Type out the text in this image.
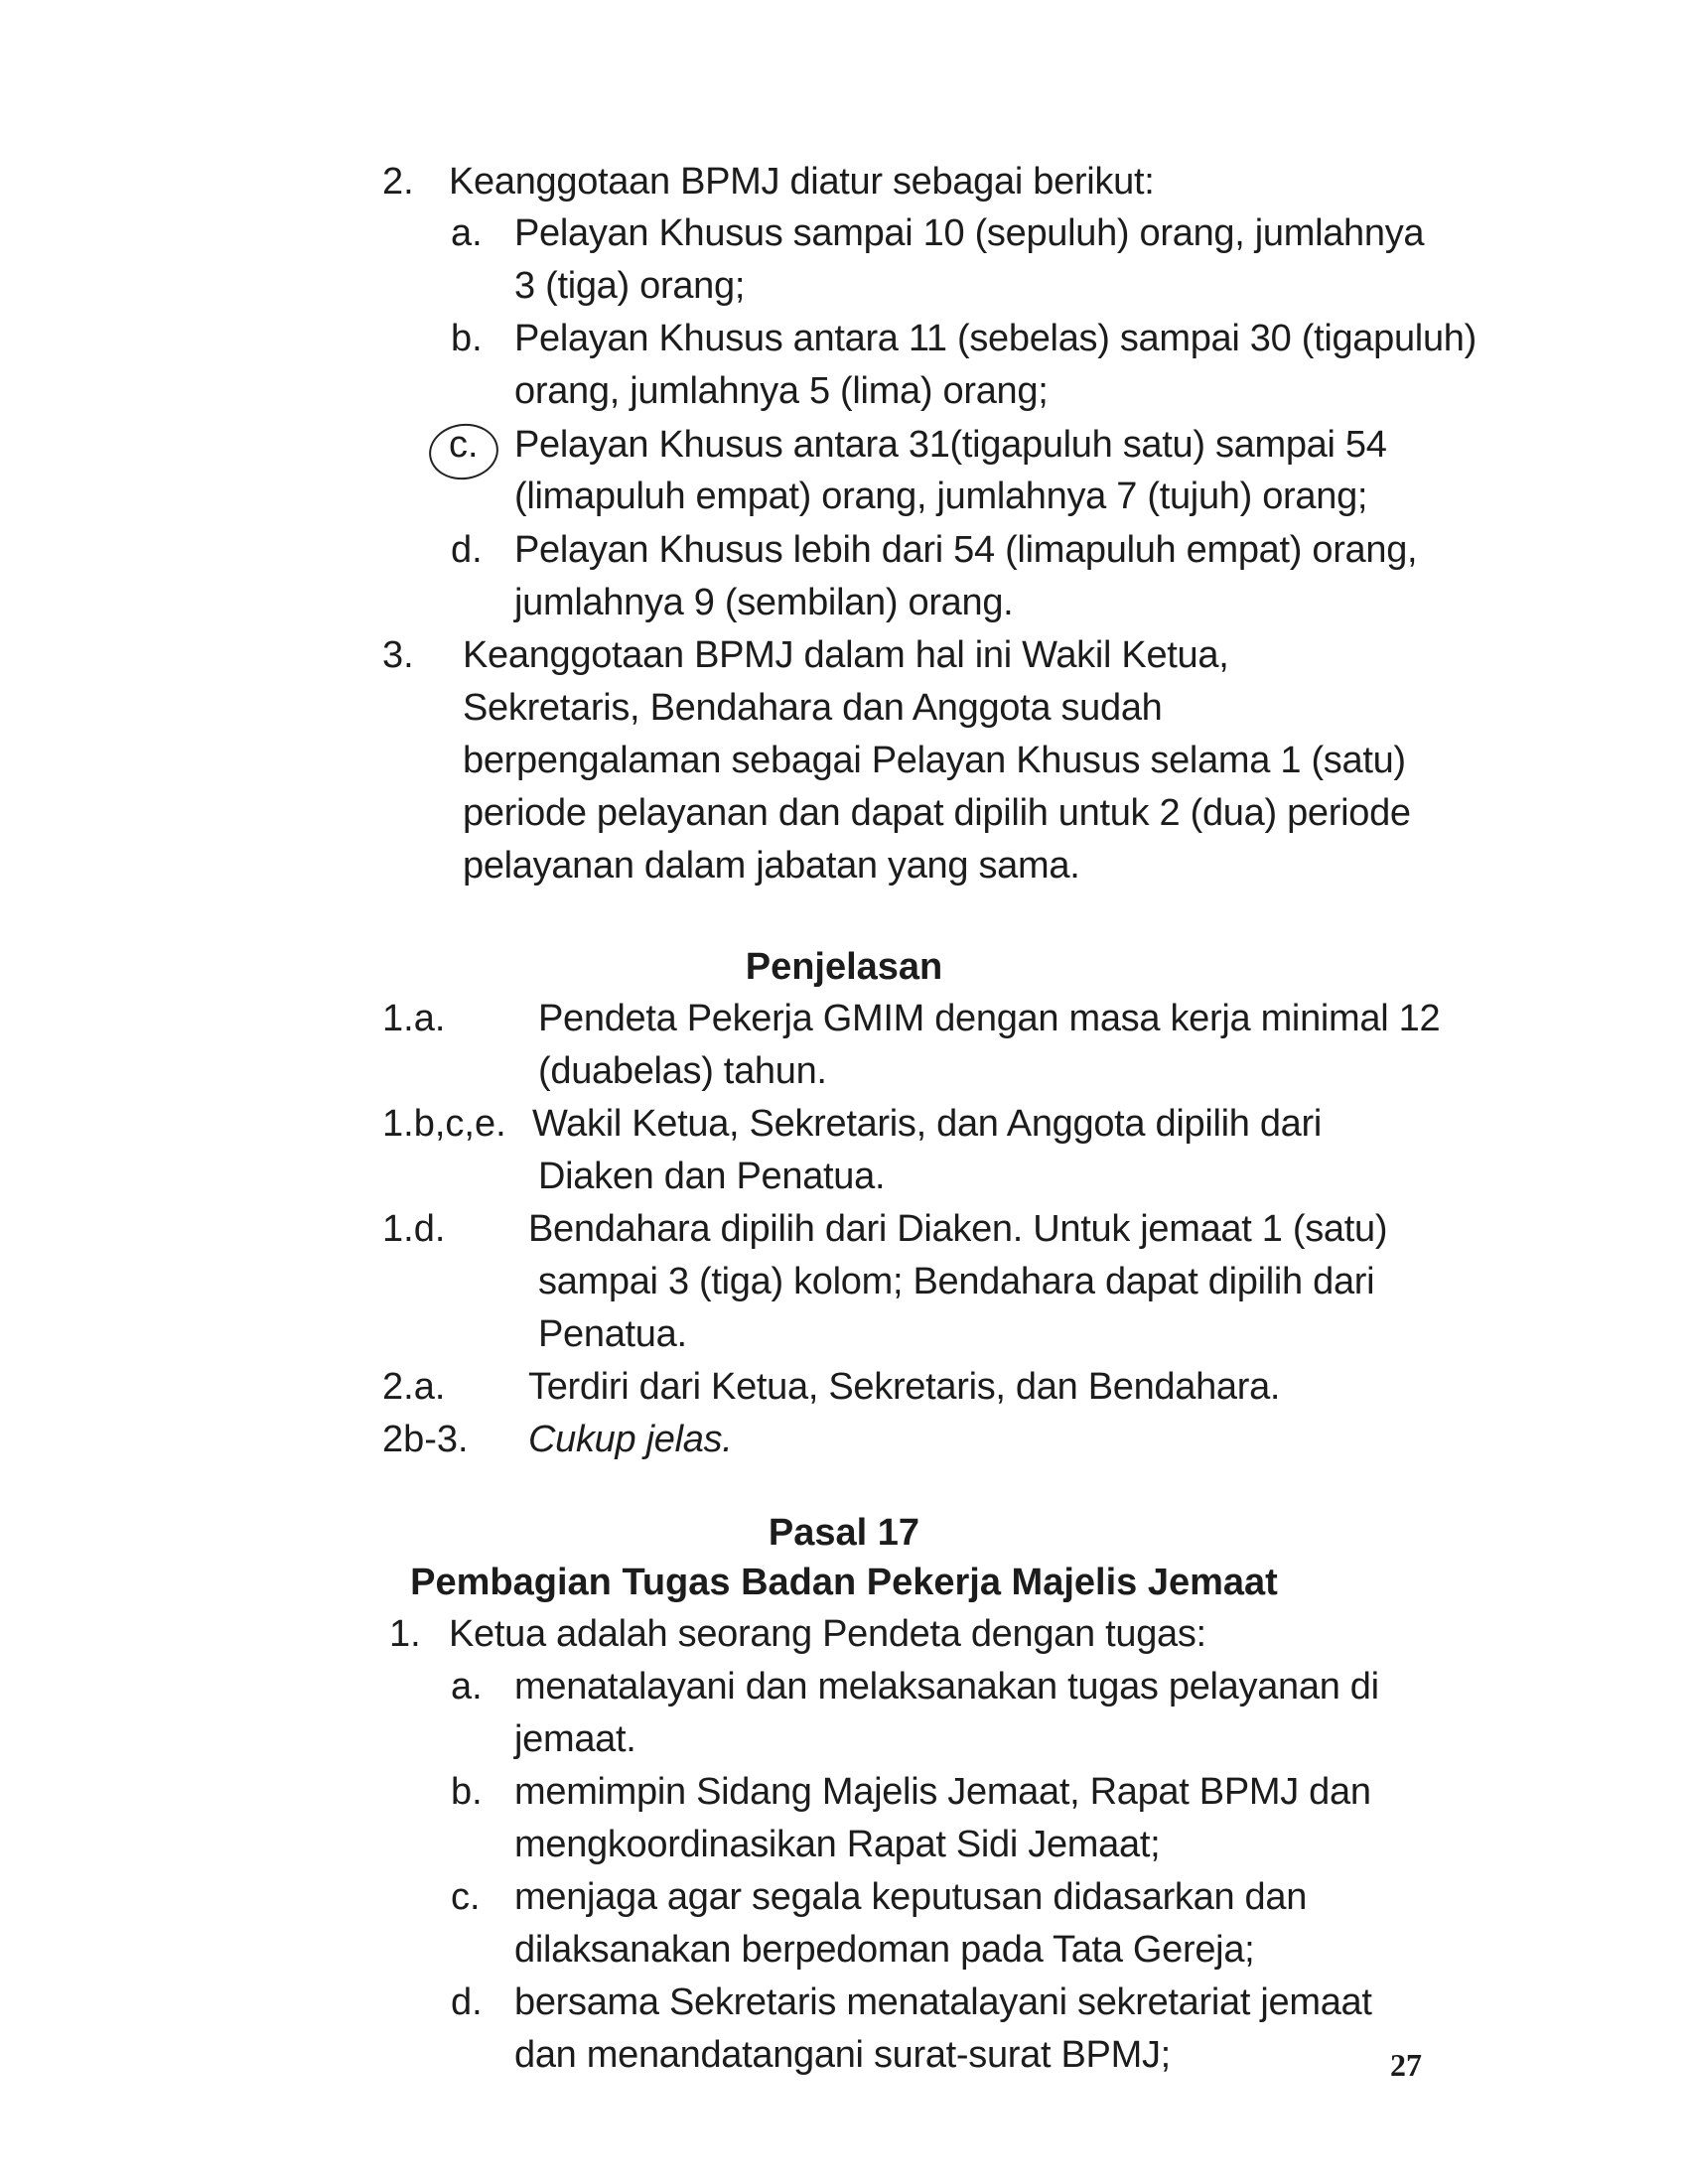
2. Keanggotaan BPMJ diatur sebagai berikut:
a. Pelayan Khusus sampai 10 (sepuluh) orang, jumlahnya
3 (tiga) orang;
b. Pelayan Khusus antara 11 (sebelas) sampai 30 (tigapuluh)
orang, jumlahnya 5 (lima) orang;
c. Pelayan Khusus antara 31(tigapuluh satu) sampai 54
(limapuluh empat) orang, jumlahnya 7 (tujuh) orang;
d. Pelayan Khusus lebih dari 54 (limapuluh empat) orang,
jumlahnya 9 (sembilan) orang.
3. Keanggotaan BPMJ dalam hal ini Wakil Ketua,
Sekretaris, Bendahara dan Anggota sudah
berpengalaman sebagai Pelayan Khusus selama 1 (satu)
periode pelayanan dan dapat dipilih untuk 2 (dua) periode
pelayanan dalam jabatan yang sama.
Penjelasan
1.a. Pendeta Pekerja GMIM dengan masa kerja minimal 12
(duabelas) tahun.
1.b,c,e. Wakil Ketua, Sekretaris, dan Anggota dipilih dari
Diaken dan Penatua.
1.d. Bendahara dipilih dari Diaken. Untuk jemaat 1 (satu)
sampai 3 (tiga) kolom; Bendahara dapat dipilih dari
Penatua.
2.a. Terdiri dari Ketua, Sekretaris, dan Bendahara.
2b-3. Cukup jelas.
Pasal 17
Pembagian Tugas Badan Pekerja Majelis Jemaat
1. Ketua adalah seorang Pendeta dengan tugas:
a. menatalayani dan melaksanakan tugas pelayanan di
jemaat.
b. memimpin Sidang Majelis Jemaat, Rapat BPMJ dan
mengkoordinasikan Rapat Sidi Jemaat;
c. menjaga agar segala keputusan didasarkan dan
dilaksanakan berpedoman pada Tata Gereja;
d. bersama Sekretaris menatalayani sekretariat jemaat
dan menandatangani surat-surat BPMJ;	27
